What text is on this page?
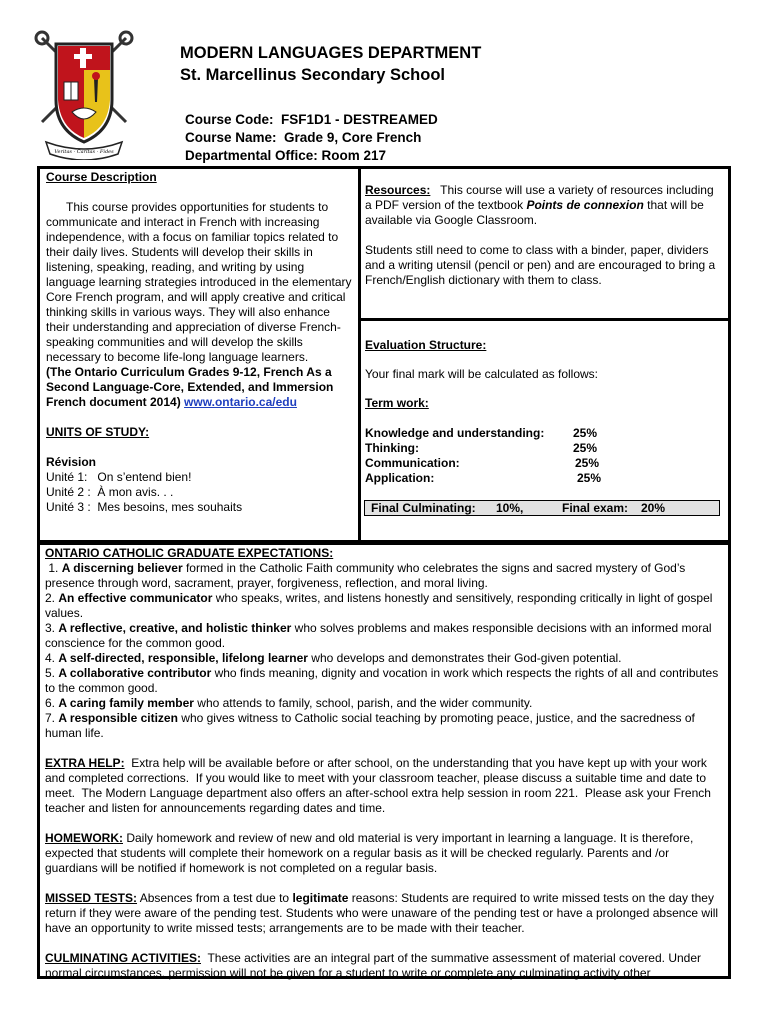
Veritas · Caritas · Fides
MODERN LANGUAGES DEPARTMENT
St. Marcellinus Secondary School
Course Code: FSF1D1 - DESTREAMED
Course Name: Grade 9, Core French
Departmental Office: Room 217
Course Description

This course provides opportunities for students to communicate and interact in French with increasing independence, with a focus on familiar topics related to their daily lives. Students will develop their skills in listening, speaking, reading, and writing by using language learning strategies introduced in the elementary Core French program, and will apply creative and critical thinking skills in various ways. They will also enhance their understanding and appreciation of diverse French-speaking communities and will develop the skills necessary to become life-long language learners.

(The Ontario Curriculum Grades 9-12, French As a Second Language-Core, Extended, and Immersion French document 2014) www.ontario.ca/edu

UNITS OF STUDY:
Révision
Unité 1:   On s’entend bien!
Unité 2 :  À mon avis. . .
Unité 3 :  Mes besoins, mes souhaits

Resources: This course will use a variety of resources including a PDF version of the textbook Points de connexion that will be available via Google Classroom.

Students still need to come to class with a binder, paper, dividers and a writing utensil (pencil or pen) and are encouraged to bring a French/English dictionary with them to class.

Evaluation Structure:
Your final mark will be calculated as follows:
Term work:
Knowledge and understanding: 25%
Thinking:	25%
Communication:	25%
Application:	25%
Final Culminating: 10%,	Final exam: 20%
ONTARIO CATHOLIC GRADUATE EXPECTATIONS:

1. A discerning believer formed in the Catholic Faith community who celebrates the signs and sacred mystery of God’s presence through word, sacrament, prayer, forgiveness, reflection, and moral living.

2. An effective communicator who speaks, writes, and listens honestly and sensitively, responding critically in light of gospel values.

3. A reflective, creative, and holistic thinker who solves problems and makes responsible decisions with an informed moral conscience for the common good.

4. A self-directed, responsible, lifelong learner who develops and demonstrates their God-given potential.

5. A collaborative contributor who finds meaning, dignity and vocation in work which respects the rights of all and contributes to the common good.

6. A caring family member who attends to family, school, parish, and the wider community.

7. A responsible citizen who gives witness to Catholic social teaching by promoting peace, justice, and the sacredness of human life.

EXTRA HELP:  Extra help will be available before or after school, on the understanding that you have kept up with your work and completed corrections.  If you would like to meet with your classroom teacher, please discuss a suitable time and date to meet.  The Modern Language department also offers an after-school extra help session in room 221.  Please ask your French teacher and listen for announcements regarding dates and time.

HOMEWORK: Daily homework and review of new and old material is very important in learning a language. It is therefore, expected that students will complete their homework on a regular basis as it will be checked regularly. Parents and /or guardians will be notified if homework is not completed on a regular basis.

MISSED TESTS: Absences from a test due to legitimate reasons: Students are required to write missed tests on the day they return if they were aware of the pending test. Students who were unaware of the pending test or have a prolonged absence will have an opportunity to write missed tests; arrangements are to be made with their teacher.

CULMINATING ACTIVITIES:  These activities are an integral part of the summative assessment of material covered. Under normal circumstances, permission will not be given for a student to write or complete any culminating activity other
